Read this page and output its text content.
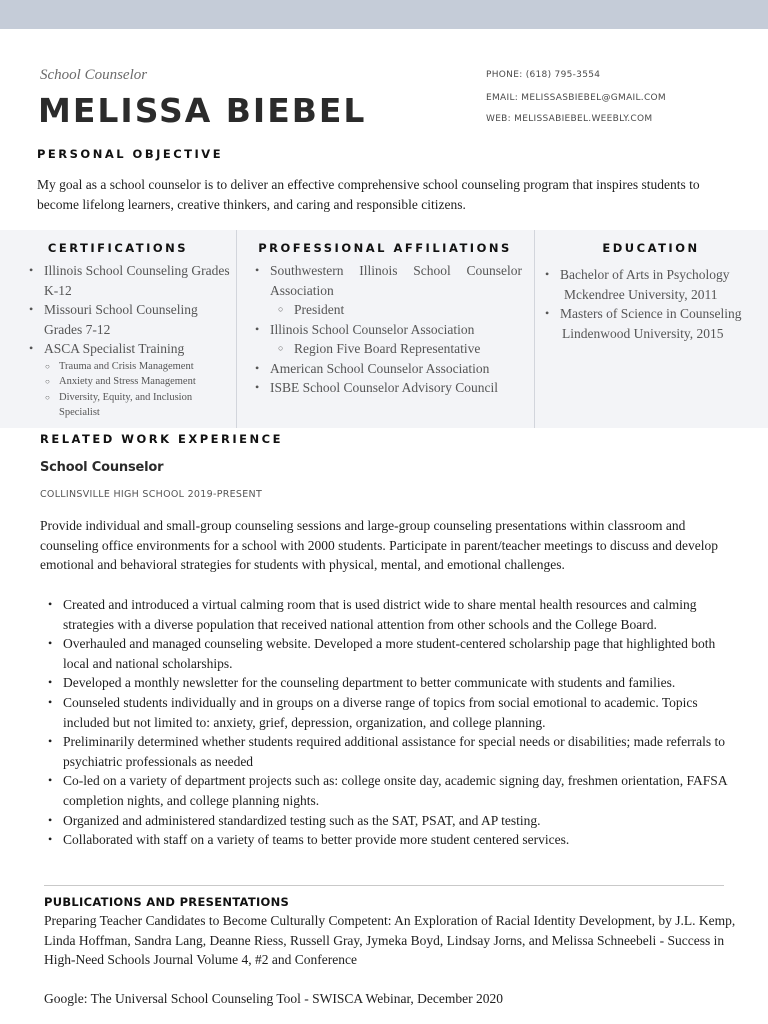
School Counselor
MELISSA BIEBEL
PHONE: (618) 795-3554
EMAIL: MELISSASBIEBEL@GMAIL.COM
WEB: MELISSABIEBEL.WEEBLY.COM
PERSONAL OBJECTIVE

My goal as a school counselor is to deliver an effective comprehensive school counseling program that inspires students to become lifelong learners, creative thinkers, and caring and responsible citizens.

CERTIFICATIONS	PROFESSIONAL AFFILIATIONS	EDUCATION
• Illinois School Counseling Grades K-12
• Missouri School Counseling Grades 7-12
• ASCA Specialist Training
○ Trauma and Crisis Management
○ Anxiety and Stress Management
○ Diversity, Equity, and Inclusion Specialist
• Southwestern Illinois School Counselor Association
○ President
• Illinois School Counselor Association
○ Region Five Board Representative
• American School Counselor Association
• ISBE School Counselor Advisory Council
• Bachelor of Arts in Psychology
Mckendree University, 2011
• Masters of Science in Counseling
Lindenwood University, 2015
RELATED WORK EXPERIENCE
School Counselor
COLLINSVILLE HIGH SCHOOL 2019-PRESENT

Provide individual and small-group counseling sessions and large-group counseling presentations within classroom and counseling office environments for a school with 2000 students. Participate in parent/teacher meetings to discuss and develop emotional and behavioral strategies for students with physical, mental, and emotional challenges.

• Created and introduced a virtual calming room that is used district wide to share mental health resources and calming strategies with a diverse population that received national attention from other schools and the College Board.
• Overhauled and managed counseling website. Developed a more student-centered scholarship page that highlighted both local and national scholarships.
• Developed a monthly newsletter for the counseling department to better communicate with students and families.
• Counseled students individually and in groups on a diverse range of topics from social emotional to academic. Topics included but not limited to: anxiety, grief, depression, organization, and college planning.
• Preliminarily determined whether students required additional assistance for special needs or disabilities; made referrals to psychiatric professionals as needed
• Co-led on a variety of department projects such as: college onsite day, academic signing day, freshmen orientation, FAFSA completion nights, and college planning nights.
• Organized and administered standardized testing such as the SAT, PSAT, and AP testing.
• Collaborated with staff on a variety of teams to better provide more student centered services.
PUBLICATIONS AND PRESENTATIONS

Preparing Teacher Candidates to Become Culturally Competent: An Exploration of Racial Identity Development, by J.L. Kemp, Linda Hoffman, Sandra Lang, Deanne Riess, Russell Gray, Jymeka Boyd, Lindsay Jorns, and Melissa Schneebeli - Success in High-Need Schools Journal Volume 4, #2 and Conference

Google: The Universal School Counseling Tool - SWISCA Webinar, December 2020
